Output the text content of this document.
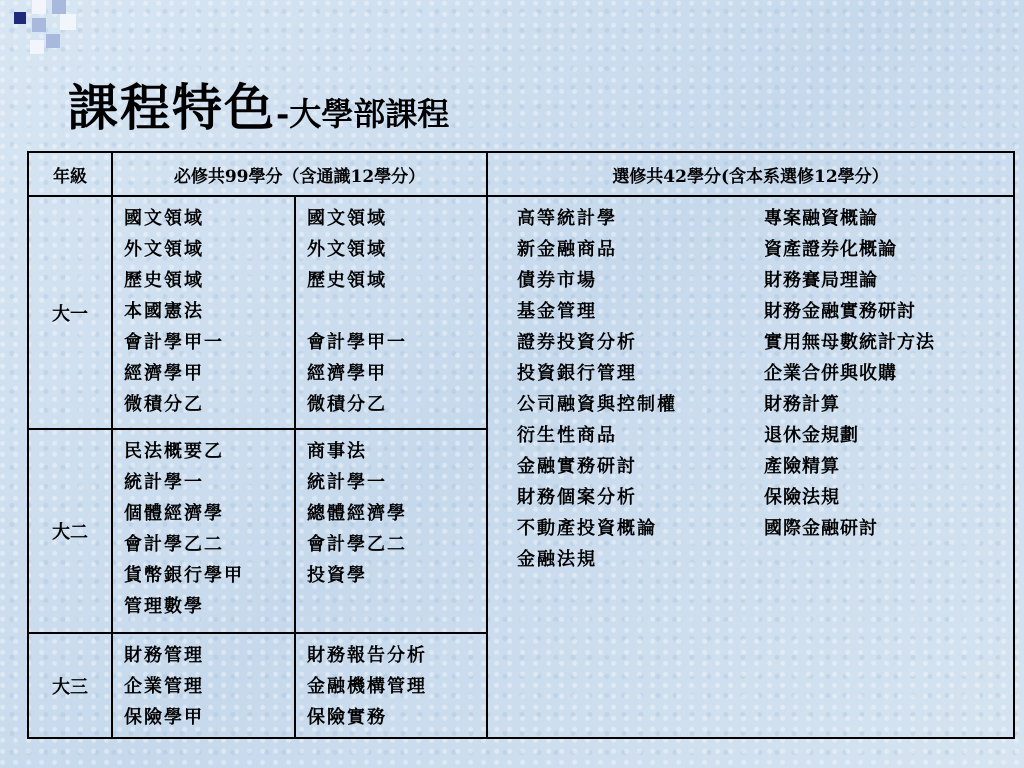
課程特色 -大學部課程
年級	必修共99學分（含通識12學分）	選修共42學分(含本系選修12學分）
大一
大二
大三
國文領域
外文領域
歷史領域
本國憲法
會計學甲一
經濟學甲
微積分乙
國文領域
外文領域
歷史領域
會計學甲一
經濟學甲
微積分乙
民法概要乙
統計學一
個體經濟學
會計學乙二
貨幣銀行學甲
管理數學
商事法
統計學一
總體經濟學
會計學乙二
投資學
財務管理
企業管理
保險學甲
財務報告分析
金融機構管理
保險實務
高等統計學
新金融商品
債券市場
基金管理
證券投資分析
投資銀行管理
公司融資與控制權
衍生性商品
金融實務研討
財務個案分析
不動產投資概論
金融法規
專案融資概論
資產證券化概論
財務賽局理論
財務金融實務研討
實用無母數統計方法
企業合併與收購
財務計算
退休金規劃
產險精算
保險法規
國際金融研討
